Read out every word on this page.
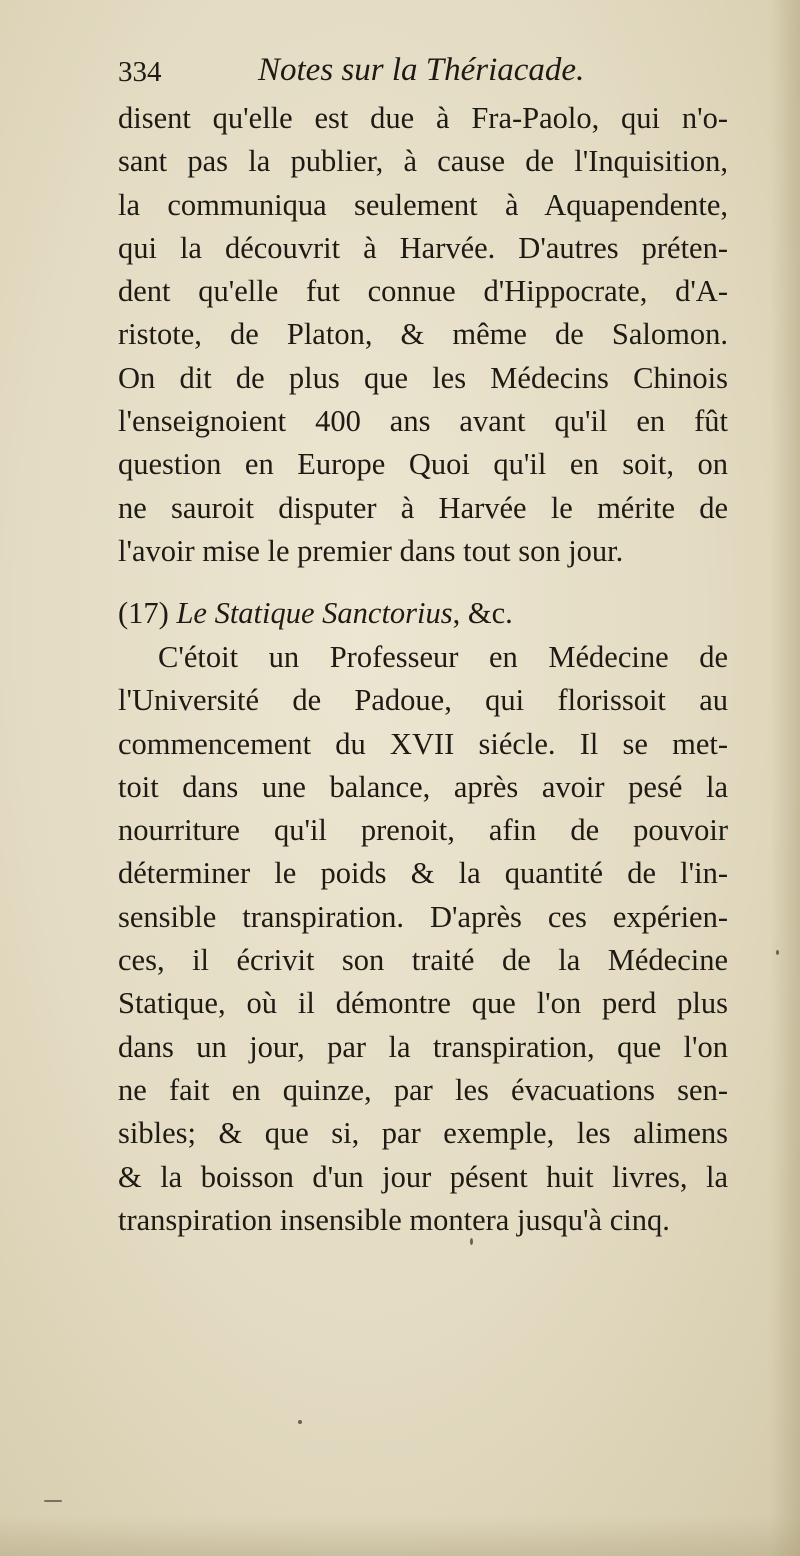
334	Notes sur la Thériacade.
disent qu'elle est due à Fra-Paolo, qui n'o-
sant pas la publier, à cause de l'Inquisition,
la communiqua seulement à Aquapendente,
qui la découvrit à Harvée. D'autres préten-
dent qu'elle fut connue d'Hippocrate, d'A-
ristote, de Platon, & même de Salomon.
On dit de plus que les Médecins Chinois
l'enseignoient 400 ans avant qu'il en fût
question en Europe Quoi qu'il en soit, on
ne sauroit disputer à Harvée le mérite de
l'avoir mise le premier dans tout son jour.
(17) Le Statique Sanctorius, &c.
C'étoit un Professeur en Médecine de
l'Université de Padoue, qui florissoit au
commencement du XVII siécle. Il se met-
toit dans une balance, après avoir pesé la
nourriture qu'il prenoit, afin de pouvoir
déterminer le poids & la quantité de l'in-
sensible transpiration. D'après ces expérien-
ces, il écrivit son traité de la Médecine
Statique, où il démontre que l'on perd plus
dans un jour, par la transpiration, que l'on
ne fait en quinze, par les évacuations sen-
sibles; & que si, par exemple, les alimens
& la boisson d'un jour pésent huit livres, la
transpiration insensible montera jusqu'à cinq.
